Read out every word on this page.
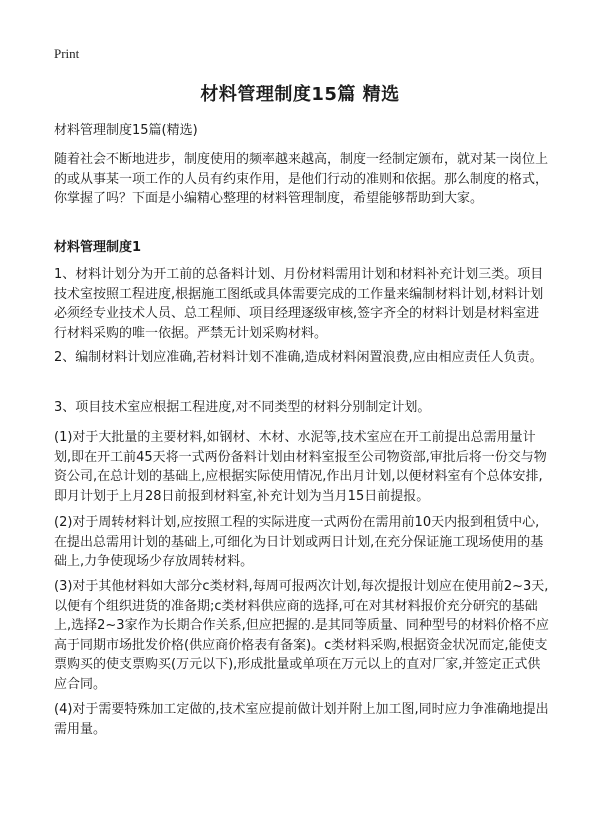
Print
材料管理制度15篇 精选
材料管理制度15篇(精选)

随着社会不断地进步，制度使用的频率越来越高，制度一经制定颁布，就对某一岗位上的或从事某一项工作的人员有约束作用，是他们行动的准则和依据。那么制度的格式，你掌握了吗？下面是小编精心整理的材料管理制度，希望能够帮助到大家。

材料管理制度1

1、材料计划分为开工前的总备料计划、月份材料需用计划和材料补充计划三类。项目技术室按照工程进度,根据施工图纸或具体需要完成的工作量来编制材料计划,材料计划必须经专业技术人员、总工程师、项目经理逐级审核,签字齐全的材料计划是材料室进行材料采购的唯一依据。严禁无计划采购材料。

2、编制材料计划应准确,若材料计划不准确,造成材料闲置浪费,应由相应责任人负责。

3、项目技术室应根据工程进度,对不同类型的材料分别制定计划。

(1)对于大批量的主要材料,如钢材、木材、水泥等,技术室应在开工前提出总需用量计划,即在开工前45天将一式两份备料计划由材料室报至公司物资部,审批后将一份交与物资公司,在总计划的基础上,应根据实际使用情况,作出月计划,以便材料室有个总体安排,即月计划于上月28日前报到材料室,补充计划为当月15日前提报。

(2)对于周转材料计划,应按照工程的实际进度一式两份在需用前10天内报到租赁中心,在提出总需用计划的基础上,可细化为日计划或两日计划,在充分保证施工现场使用的基础上,力争使现场少存放周转材料。

(3)对于其他材料如大部分c类材料,每周可报两次计划,每次提报计划应在使用前2~3天,以便有个组织进货的准备期;c类材料供应商的选择,可在对其材料报价充分研究的基础上,选择2~3家作为长期合作关系,但应把握的.是其同等质量、同种型号的材料价格不应高于同期市场批发价格(供应商价格表有备案)。c类材料采购,根据资金状况而定,能使支票购买的使支票购买(万元以下),形成批量或单项在万元以上的直对厂家,并签定正式供应合同。

(4)对于需要特殊加工定做的,技术室应提前做计划并附上加工图,同时应力争准确地提出需用量。
